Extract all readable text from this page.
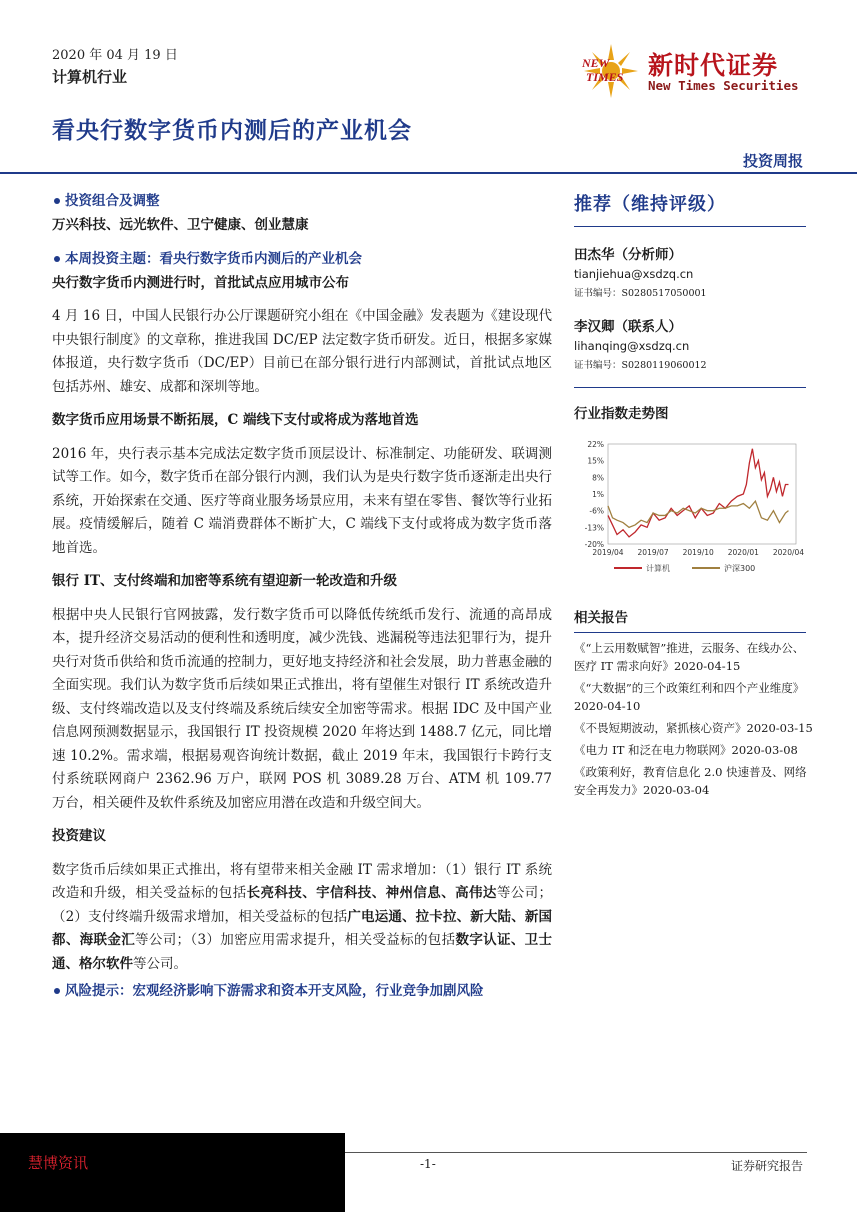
2020 年 04 月 19 日
计算机行业
看央行数字货币内测后的产业机会
NEW
TIMES 新时代证券
New Times Securities
投资周报

投资组合及调整

万兴科技、远光软件、卫宁健康、创业慧康

本周投资主题：看央行数字货币内测后的产业机会

央行数字货币内测进行时，首批试点应用城市公布

4 月 16 日，中国人民银行办公厅课题研究小组在《中国金融》发表题为《建设现代中央银行制度》的文章称，推进我国 DC/EP 法定数字货币研发。近日，根据多家媒体报道，央行数字货币（DC/EP）目前已在部分银行进行内部测试，首批试点地区包括苏州、雄安、成都和深圳等地。

数字货币应用场景不断拓展，C 端线下支付或将成为落地首选

2016 年，央行表示基本完成法定数字货币顶层设计、标准制定、功能研发、联调测试等工作。如今，数字货币在部分银行内测，我们认为是央行数字货币逐渐走出央行系统，开始探索在交通、医疗等商业服务场景应用，未来有望在零售、餐饮等行业拓展。疫情缓解后，随着 C 端消费群体不断扩大，C 端线下支付或将成为数字货币落地首选。

银行 IT、支付终端和加密等系统有望迎新一轮改造和升级

根据中央人民银行官网披露，发行数字货币可以降低传统纸币发行、流通的高昂成本，提升经济交易活动的便利性和透明度，减少洗钱、逃漏税等违法犯罪行为，提升央行对货币供给和货币流通的控制力，更好地支持经济和社会发展，助力普惠金融的全面实现。我们认为数字货币后续如果正式推出，将有望催生对银行 IT 系统改造升级、支付终端改造以及支付终端及系统后续安全加密等需求。根据 IDC 及中国产业信息网预测数据显示，我国银行 IT 投资规模 2020 年将达到 1488.7 亿元，同比增速 10.2%。需求端，根据易观咨询统计数据，截止 2019 年末，我国银行卡跨行支付系统联网商户 2362.96 万户，联网 POS 机 3089.28 万台、ATM 机 109.77 万台，相关硬件及软件系统及加密应用潜在改造和升级空间大。

投资建议

数字货币后续如果正式推出，将有望带来相关金融 IT 需求增加：（1）银行 IT 系统改造和升级，相关受益标的包括长亮科技、宇信科技、神州信息、高伟达等公司；（2）支付终端升级需求增加，相关受益标的包括广电运通、拉卡拉、新大陆、新国都、海联金汇等公司；（3）加密应用需求提升，相关受益标的包括数字认证、卫士通、格尔软件等公司。

风险提示：宏观经济影响下游需求和资本开支风险，行业竞争加剧风险

推荐（维持评级）
田杰华（分析师）
tianjiehua@xsdzq.cn
证书编号：S0280517050001
李汉卿（联系人）
lihanqing@xsdzq.cn
证书编号：S0280119060012
行业指数走势图
22%
15%
8%
1%
-6%
-13%
-20%
2019/04 2019/07 2019/10 2020/01 2020/04
计算机	沪深300
相关报告

《“上云用数赋智”推进，云服务、在线办公、医疗 IT 需求向好》2020-04-15

《“大数据”的三个政策红利和四个产业维度》2020-04-10

《不畏短期波动，紧抓核心资产》2020-03-15

《电力 IT 和泛在电力物联网》2020-03-08

《政策利好，教育信息化 2.0 快速普及、网络安全再发力》2020-03-04

-1-	证券研究报告
慧博资讯
